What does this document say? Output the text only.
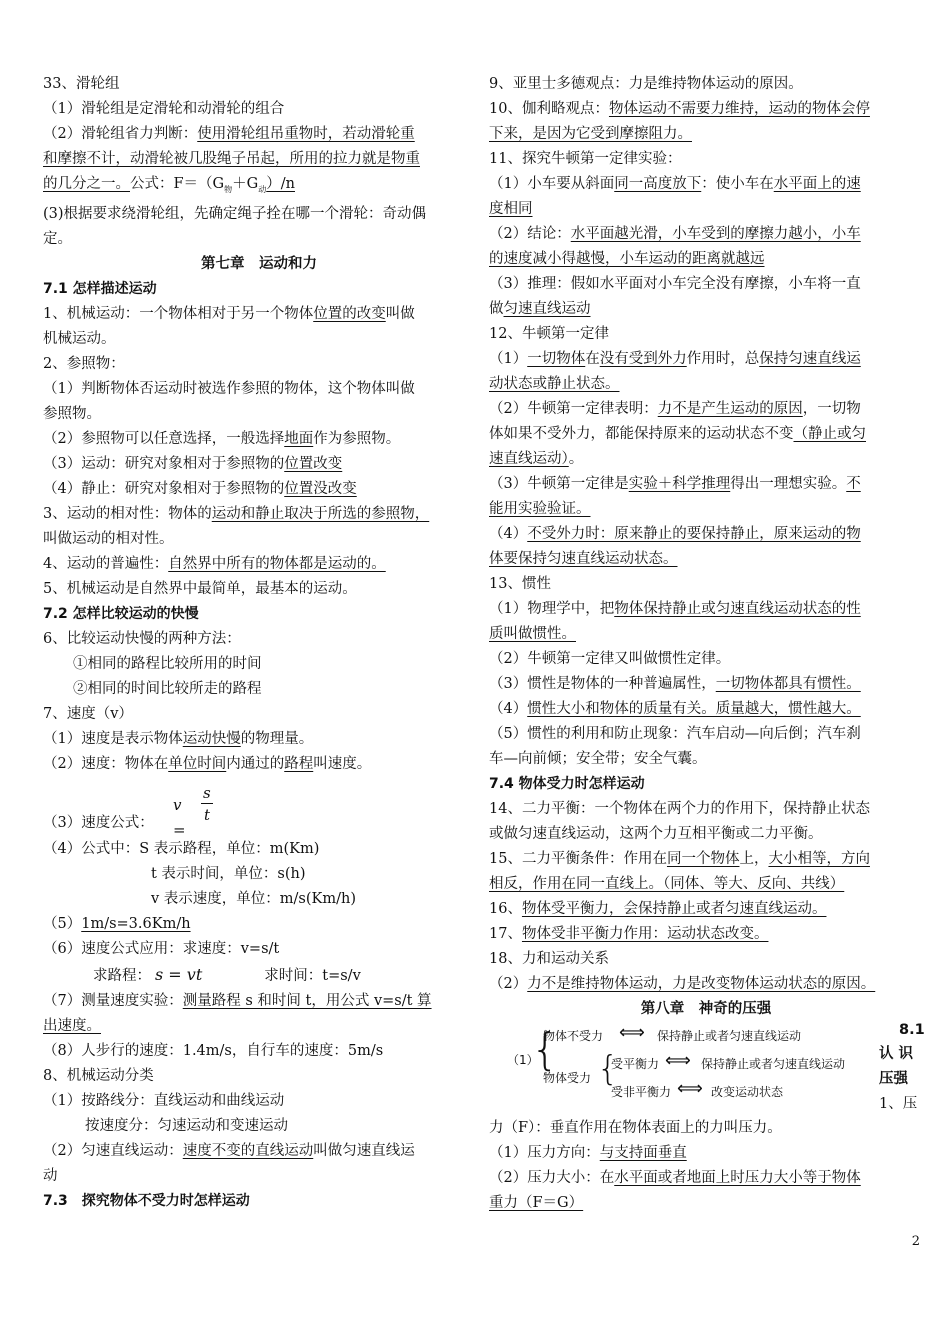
33、滑轮组
（1）滑轮组是定滑轮和动滑轮的组合
（2）滑轮组省力判断：使用滑轮组吊重物时，若动滑轮重
和摩擦不计，动滑轮被几股绳子吊起，所用的拉力就是物重
的几分之一。公式：$F=(G_物+G_动)/n$
(3)根据要求绕滑轮组，先确定绳子拴在哪一个滑轮：奇动偶
定。
第七章　运动和力
7.1 怎样描述运动
1、机械运动：一个物体相对于另一个物体位置的改变叫做
机械运动。
2、参照物：
（1）判断物体否运动时被选作参照的物体，这个物体叫做
参照物。
（2）参照物可以任意选择，一般选择地面作为参照物。
（3）运动：研究对象相对于参照物的位置改变
（4）静止：研究对象相对于参照物的位置没改变
3、运动的相对性：物体的运动和静止取决于所选的参照物，
叫做运动的相对性。
4、运动的普遍性：自然界中所有的物体都是运动的。
5、机械运动是自然界中最简单，最基本的运动。
7.2 怎样比较运动的快慢
6、比较运动快慢的两种方法：
①相同的路程比较所用的时间
②相同的时间比较所走的路程
7、速度（v）
（1）速度是表示物体运动快慢的物理量。
（2）速度：物体在单位时间内通过的路程叫速度。
（3）速度公式：
v =
s
t
（4）公式中：S 表示路程，单位：m(Km)
t 表示时间，单位：s(h)
v 表示速度，单位：m/s(Km/h)
（5）1m/s=3.6Km/h
（6）速度公式应用：求速度：v=s/t
求路程： s = vt	求时间：t=s/v
（7）测量速度实验：测量路程 s 和时间 t，用公式 v=s/t 算
出速度。
（8）人步行的速度：1.4m/s，自行车的速度：5m/s
8、机械运动分类
（1）按路线分：直线运动和曲线运动
按速度分：匀速运动和变速运动
（2）匀速直线运动：速度不变的直线运动叫做匀速直线运
动
7.3　探究物体不受力时怎样运动
9、亚里士多德观点：力是维持物体运动的原因。
10、伽利略观点：物体运动不需要力维持，运动的物体会停
下来，是因为它受到摩擦阻力。
11、探究牛顿第一定律实验：
（1）小车要从斜面同一高度放下：使小车在水平面上的速
度相同
（2）结论：水平面越光滑，小车受到的摩擦力越小，小车
的速度减小得越慢，小车运动的距离就越远
（3）推理：假如水平面对小车完全没有摩擦，小车将一直
做匀速直线运动
12、牛顿第一定律
（1）一切物体在没有受到外力作用时，总保持匀速直线运
动状态或静止状态。
（2）牛顿第一定律表明：力不是产生运动的原因，一切物
体如果不受外力，都能保持原来的运动状态不变（静止或匀
速直线运动）。
（3）牛顿第一定律是实验＋科学推理得出一理想实验。不
能用实验验证。
（4）不受外力时：原来静止的要保持静止，原来运动的物
体要保持匀速直线运动状态。
13、惯性
（1）物理学中，把物体保持静止或匀速直线运动状态的性
质叫做惯性。
（2）牛顿第一定律又叫做惯性定律。
（3）惯性是物体的一种普遍属性，一切物体都具有惯性。
（4）惯性大小和物体的质量有关。质量越大，惯性越大。
（5）惯性的利用和防止现象：汽车启动—向后倒；汽车刹
车—向前倾；安全带；安全气囊。
7.4 物体受力时怎样运动
14、二力平衡：一个物体在两个力的作用下，保持静止状态
或做匀速直线运动，这两个力互相平衡或二力平衡。
15、二力平衡条件：作用在同一个物体上，大小相等，方向
相反，作用在同一直线上。（同体、等大、反向、共线）
16、物体受平衡力，会保持静止或者匀速直线运动。
17、物体受非平衡力作用：运动状态改变。
18、力和运动关系
（2）力不是维持物体运动，力是改变物体运动状态的原因。
第八章　神奇的压强
（1）
{
物体不受力 ⟺ 保持静止或者匀速直线运动
物体受力 {
受平衡力 ⟺ 保持静止或者匀速直线运动
受非平衡力 ⟺ 改变运动状态
8.1
认 识
压强
1、压
力（F）：垂直作用在物体表面上的力叫压力。
（1）压力方向：与支持面垂直
（2）压力大小：在水平面或者地面上时压力大小等于物体
重力（F＝G）
2
